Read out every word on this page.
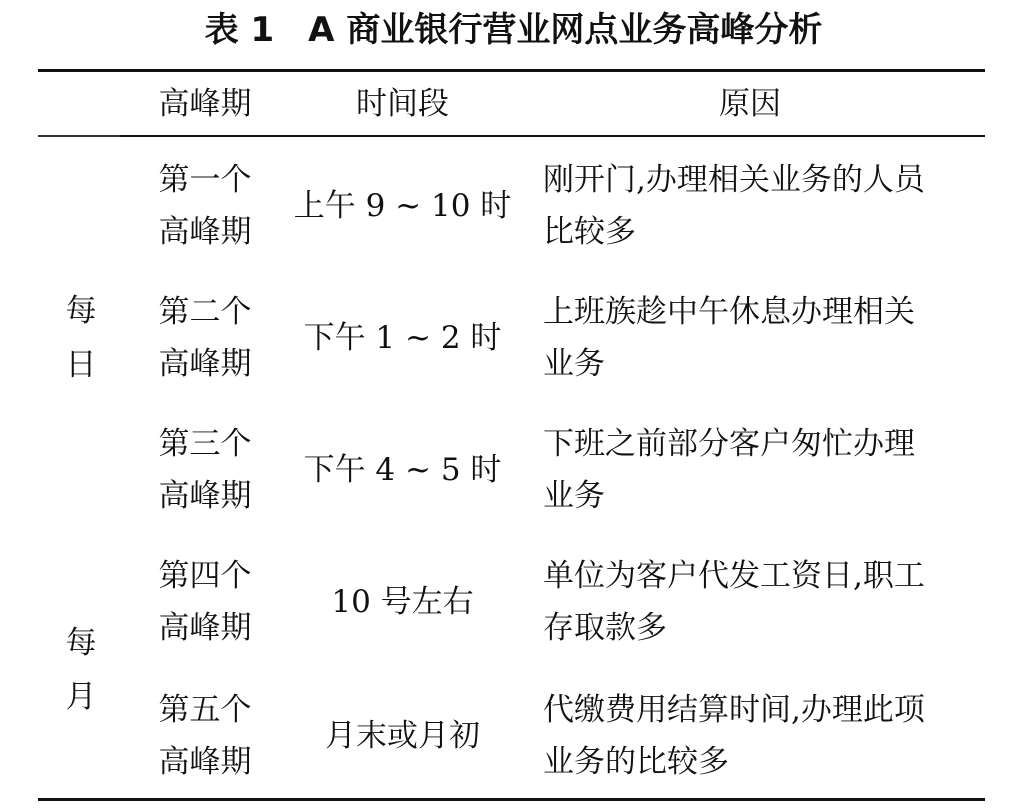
表 1　A 商业银行营业网点业务高峰分析
高峰期	时间段	原因
每
日
每
月
第一个
高峰期
上午 9 ~ 10 时
刚开门,办理相关业务的人员
比较多
第二个
高峰期
下午 1 ~ 2 时
上班族趁中午休息办理相关
业务
第三个
高峰期
下午 4 ~ 5 时
下班之前部分客户匆忙办理
业务
第四个
高峰期
10 号左右
单位为客户代发工资日,职工
存取款多
第五个
高峰期
月末或月初
代缴费用结算时间,办理此项
业务的比较多
